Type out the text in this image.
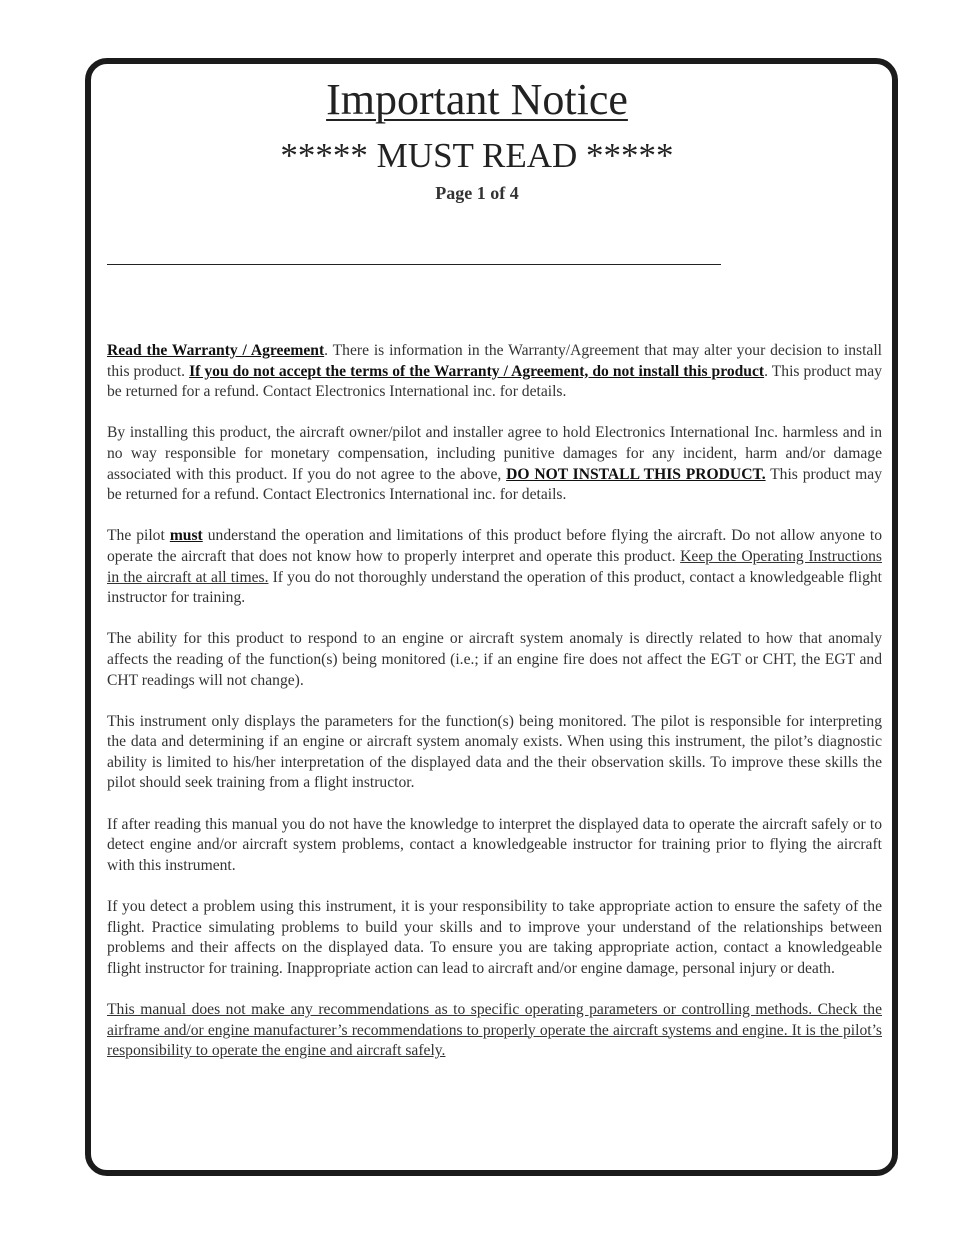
Important Notice
***** MUST READ *****
Page 1 of 4

Read the Warranty / Agreement. There is information in the Warranty/Agreement that may alter your decision to install this product. If you do not accept the terms of the Warranty / Agreement, do not install this product. This product may be returned for a refund. Contact Electronics International inc. for details.

By installing this product, the aircraft owner/pilot and installer agree to hold Electronics International Inc. harmless and in no way responsible for monetary compensation, including punitive damages for any incident, harm and/or damage associated with this product. If you do not agree to the above, DO NOT INSTALL THIS PRODUCT. This product may be returned for a refund. Contact Electronics International inc. for details.

The pilot must understand the operation and limitations of this product before flying the aircraft. Do not allow anyone to operate the aircraft that does not know how to properly interpret and operate this product. Keep the Operating Instructions in the aircraft at all times. If you do not thoroughly understand the operation of this product, contact a knowledgeable flight instructor for training.

The ability for this product to respond to an engine or aircraft system anomaly is directly related to how that anomaly affects the reading of the function(s) being monitored (i.e.; if an engine fire does not affect the EGT or CHT, the EGT and CHT readings will not change).

This instrument only displays the parameters for the function(s) being monitored. The pilot is responsible for interpreting the data and determining if an engine or aircraft system anomaly exists. When using this instrument, the pilot’s diagnostic ability is limited to his/her interpretation of the displayed data and the their observation skills. To improve these skills the pilot should seek training from a flight instructor.

If after reading this manual you do not have the knowledge to interpret the displayed data to operate the aircraft safely or to detect engine and/or aircraft system problems, contact a knowledgeable instructor for training prior to flying the aircraft with this instrument.

If you detect a problem using this instrument, it is your responsibility to take appropriate action to ensure the safety of the flight. Practice simulating problems to build your skills and to improve your understand of the relationships between problems and their affects on the displayed data. To ensure you are taking appropriate action, contact a knowledgeable flight instructor for training. Inappropriate action can lead to aircraft and/or engine damage, personal injury or death.

This manual does not make any recommendations as to specific operating parameters or controlling methods. Check the airframe and/or engine manufacturer’s recommendations to properly operate the aircraft systems and engine. It is the pilot’s responsibility to operate the engine and aircraft safely.
